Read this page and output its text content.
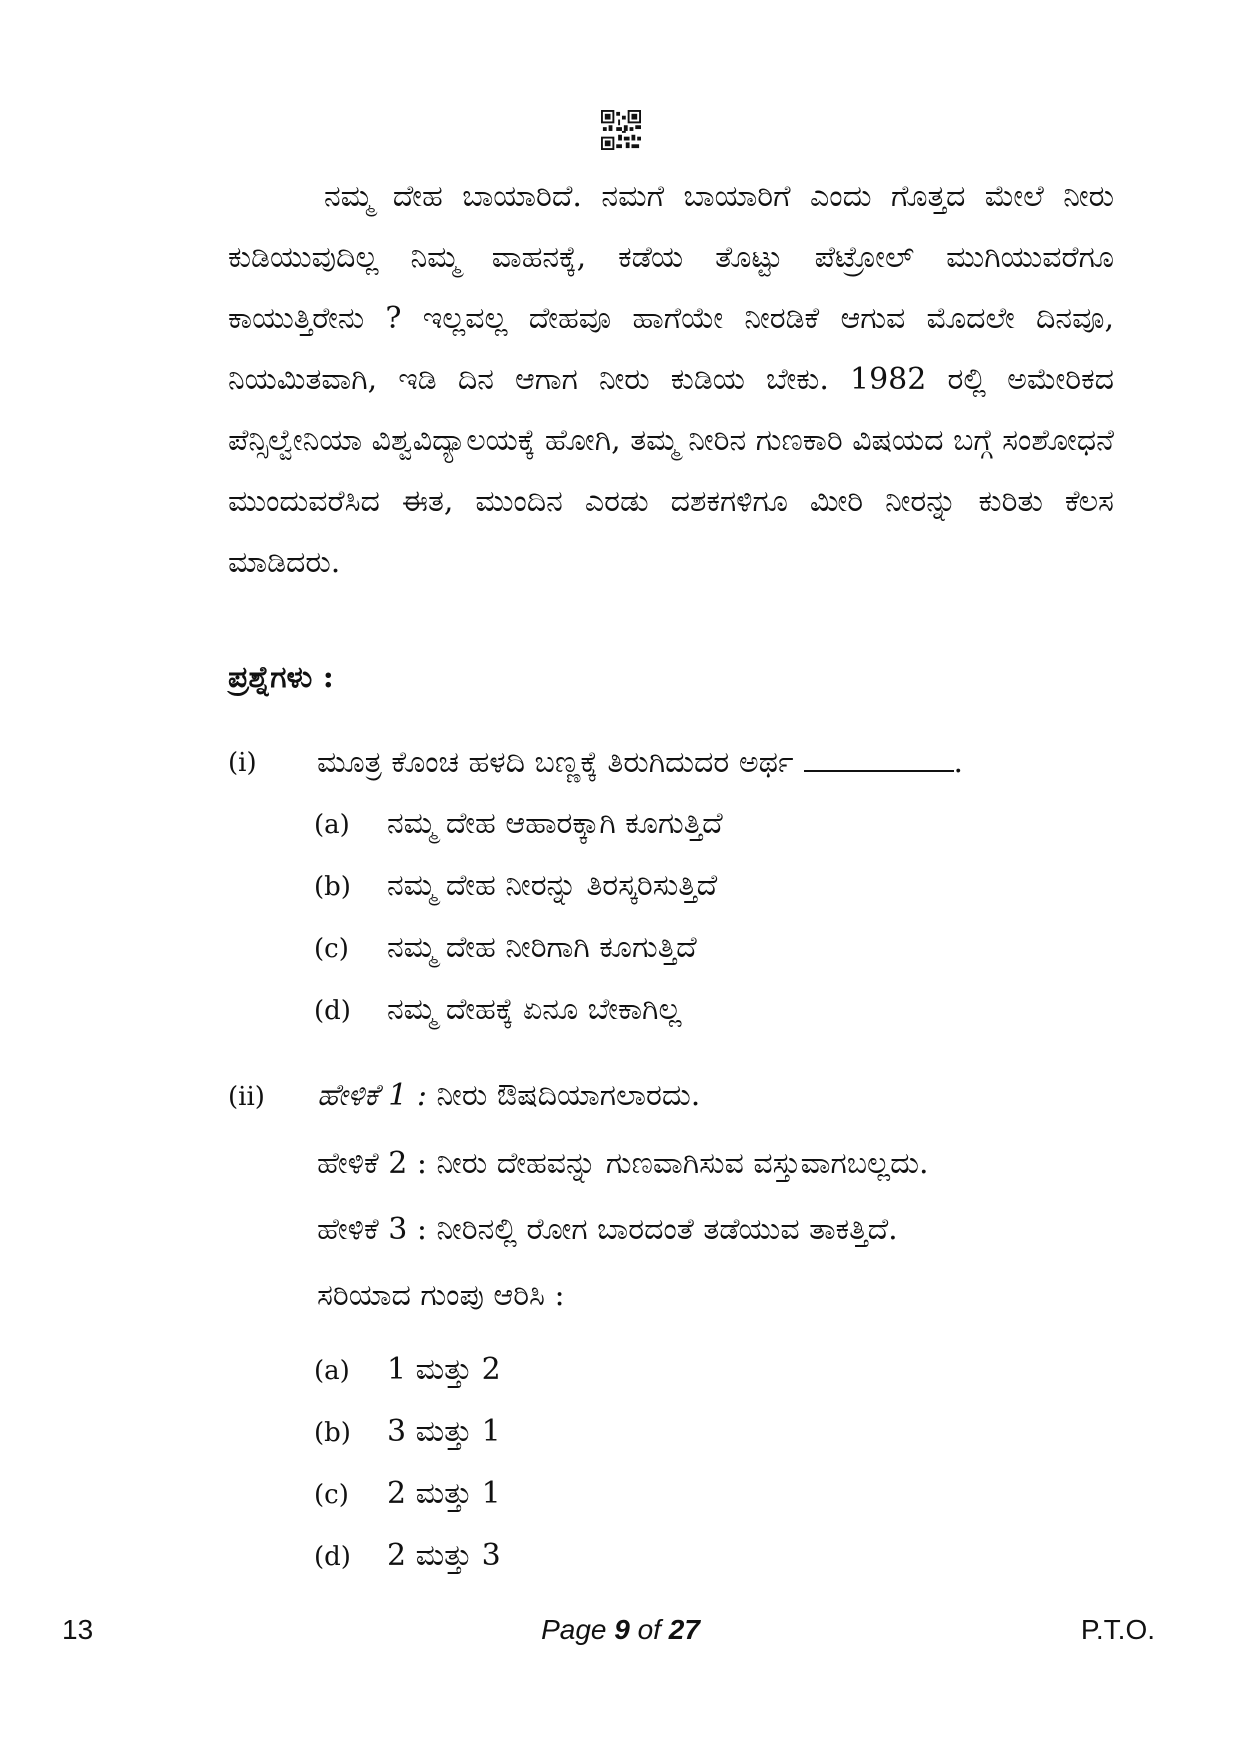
ನಮ್ಮ ದೇಹ ಬಾಯಾರಿದೆ. ನಮಗೆ ಬಾಯಾರಿಗೆ ಎಂದು ಗೊತ್ತದ ಮೇಲೆ ನೀರು ಕುಡಿಯುವುದಿಲ್ಲ ನಿಮ್ಮ ವಾಹನಕ್ಕೆ, ಕಡೆಯ ತೊಟ್ಟು ಪೆಟ್ರೋಲ್ ಮುಗಿಯುವರೆಗೂ ಕಾಯುತ್ತಿರೇನು ? ಇಲ್ಲವಲ್ಲ ದೇಹವೂ ಹಾಗೆಯೇ ನೀರಡಿಕೆ ಆಗುವ ಮೊದಲೇ ದಿನವೂ, ನಿಯಮಿತವಾಗಿ, ಇಡಿ ದಿನ ಆಗಾಗ ನೀರು ಕುಡಿಯ ಬೇಕು. 1982 ರಲ್ಲಿ ಅಮೇರಿಕದ ಪೆನ್ಸಿಲ್ವೇನಿಯಾ ವಿಶ್ವವಿದ್ಯಾಲಯಕ್ಕೆ ಹೋಗಿ, ತಮ್ಮ ನೀರಿನ ಗುಣಕಾರಿ ವಿಷಯದ ಬಗ್ಗೆ ಸಂಶೋಧನೆ ಮುಂದುವರೆಸಿದ ಈತ, ಮುಂದಿನ ಎರಡು ದಶಕಗಳಿಗೂ ಮೀರಿ ನೀರನ್ನು ಕುರಿತು ಕೆಲಸ ಮಾಡಿದರು.

ಪ್ರಶ್ನೆಗಳು :
(i) ಮೂತ್ರ ಕೊಂಚ ಹಳದಿ ಬಣ್ಣಕ್ಕೆ ತಿರುಗಿದುದರ ಅರ್ಥ	.
(a) ನಮ್ಮ ದೇಹ ಆಹಾರಕ್ಕಾಗಿ ಕೂಗುತ್ತಿದೆ
(b) ನಮ್ಮ ದೇಹ ನೀರನ್ನು ತಿರಸ್ಕರಿಸುತ್ತಿದೆ
(c) ನಮ್ಮ ದೇಹ ನೀರಿಗಾಗಿ ಕೂಗುತ್ತಿದೆ
(d) ನಮ್ಮ ದೇಹಕ್ಕೆ ಏನೂ ಬೇಕಾಗಿಲ್ಲ
(ii) ಹೇಳಿಕೆ 1 : ನೀರು ಔಷದಿಯಾಗಲಾರದು.
ಹೇಳಿಕೆ 2 : ನೀರು ದೇಹವನ್ನು ಗುಣವಾಗಿಸುವ ವಸ್ತುವಾಗಬಲ್ಲದು.
ಹೇಳಿಕೆ 3 : ನೀರಿನಲ್ಲಿ ರೋಗ ಬಾರದಂತೆ ತಡೆಯುವ ತಾಕತ್ತಿದೆ.
ಸರಿಯಾದ ಗುಂಪು ಆರಿಸಿ :
(a) 1 ಮತ್ತು 2
(b) 3 ಮತ್ತು 1
(c) 2 ಮತ್ತು 1
(d) 2 ಮತ್ತು 3
13	Page 9 of 27	P.T.O.
